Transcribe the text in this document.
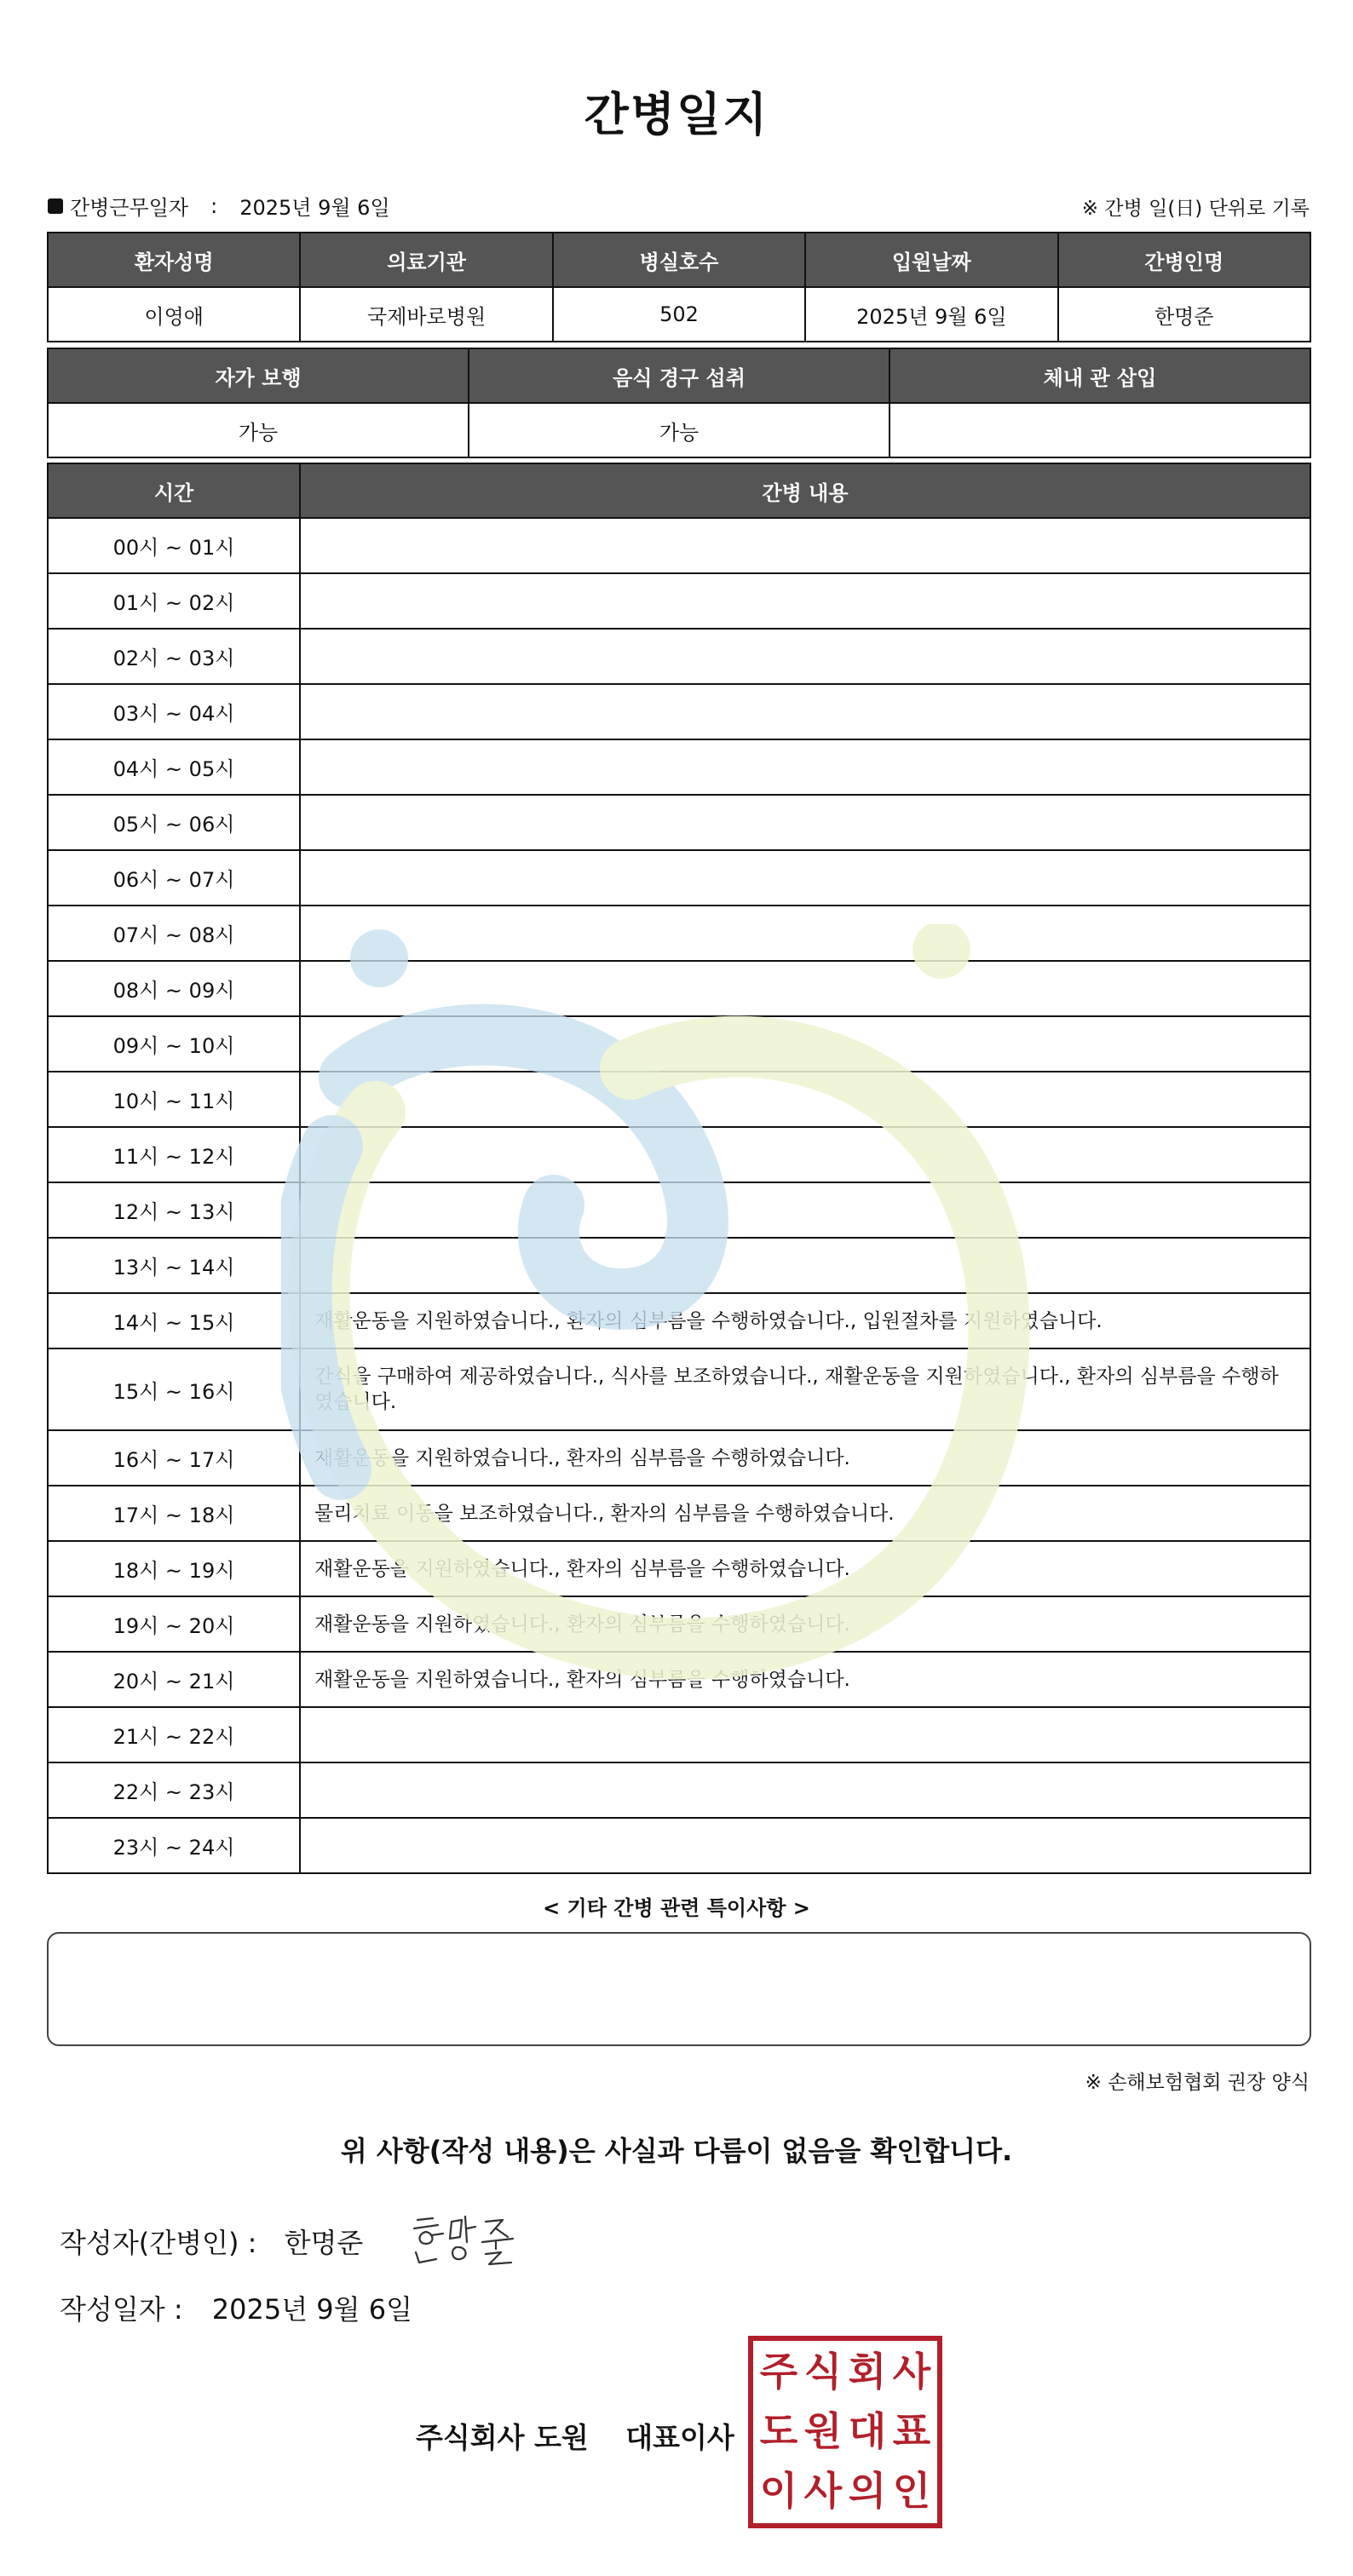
간병일지
간병근무일자 : 2025년 9월 6일	※ 간병 일(日) 단위로 기록
환자성명	의료기관	병실호수	입원날짜	간병인명
이영애	국제바로병원	502	2025년 9월 6일	한명준
자가 보행	음식 경구 섭취	체내 관 삽입
가능	가능	
시간	간병 내용
00시 ~ 01시	
01시 ~ 02시	
02시 ~ 03시	
03시 ~ 04시	
04시 ~ 05시	
05시 ~ 06시	
06시 ~ 07시	
07시 ~ 08시	
08시 ~ 09시	
09시 ~ 10시	
10시 ~ 11시	
11시 ~ 12시	
12시 ~ 13시	
13시 ~ 14시	
14시 ~ 15시	재활운동을 지원하였습니다., 환자의 심부름을 수행하였습니다., 입원절차를 지원하였습니다.
15시 ~ 16시	간식을 구매하여 제공하였습니다., 식사를 보조하였습니다., 재활운동을 지원하였습니다., 환자의 심부름을 수행하였습니다.
16시 ~ 17시	재활운동을 지원하였습니다., 환자의 심부름을 수행하였습니다.
17시 ~ 18시	물리치료 이동을 보조하였습니다., 환자의 심부름을 수행하였습니다.
18시 ~ 19시	재활운동을 지원하였습니다., 환자의 심부름을 수행하였습니다.
19시 ~ 20시	재활운동을 지원하였습니다., 환자의 심부름을 수행하였습니다.
20시 ~ 21시	재활운동을 지원하였습니다., 환자의 심부름을 수행하였습니다.
21시 ~ 22시	
22시 ~ 23시	
23시 ~ 24시	
< 기타 간병 관련 특이사항 >
※ 손해보험협회 권장 양식
위 사항(작성 내용)은 사실과 다름이 없음을 확인합니다.
작성자(간병인) : 한명준
작성일자 : 2025년 9월 6일
주식회사 도원 대표이사
주 식 회 사
도 원 대 표
이 사 의 인
